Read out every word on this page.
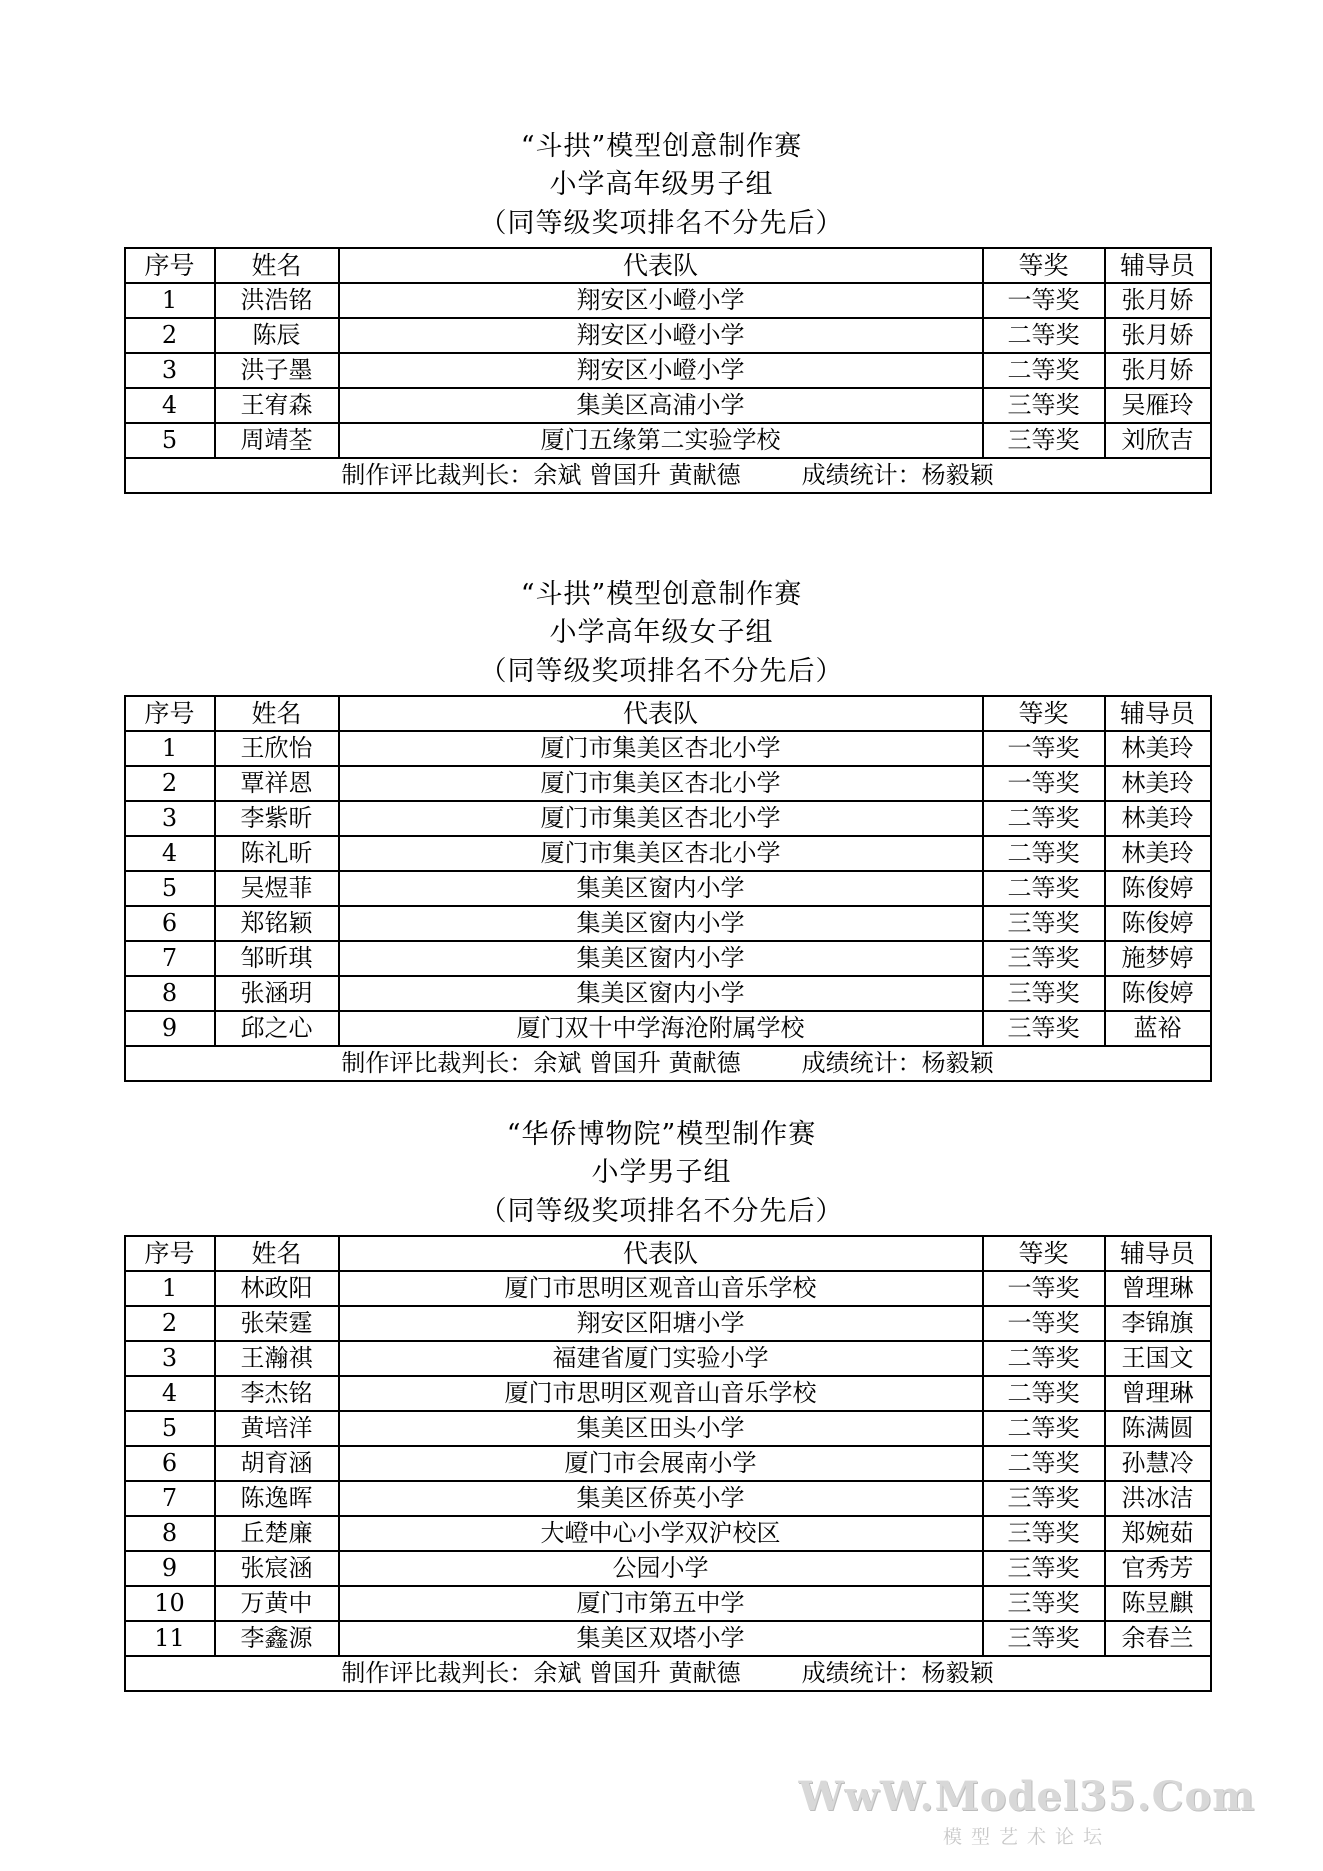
“斗拱”模型创意制作赛
小学高年级男子组
（同等级奖项排名不分先后）
序号	姓名	代表队	等奖	辅导员
1	洪浩铭	翔安区小嶝小学	一等奖	张月娇
2	陈辰	翔安区小嶝小学	二等奖	张月娇
3	洪子墨	翔安区小嶝小学	二等奖	张月娇
4	王宥森	集美区高浦小学	三等奖	吴雁玲
5	周靖荃	厦门五缘第二实验学校	三等奖	刘欣吉

制作评比裁判长：余斌 曾国升 黄献德        成绩统计：杨毅颖				
“斗拱”模型创意制作赛
小学高年级女子组
（同等级奖项排名不分先后）
序号	姓名	代表队	等奖	辅导员
1	王欣怡	厦门市集美区杏北小学	一等奖	林美玲
2	覃祥恩	厦门市集美区杏北小学	一等奖	林美玲
3	李紫昕	厦门市集美区杏北小学	二等奖	林美玲
4	陈礼昕	厦门市集美区杏北小学	二等奖	林美玲
5	吴煜菲	集美区窗内小学	二等奖	陈俊婷
6	郑铭颖	集美区窗内小学	三等奖	陈俊婷
7	邹昕琪	集美区窗内小学	三等奖	施梦婷
8	张涵玥	集美区窗内小学	三等奖	陈俊婷
9	邱之心	厦门双十中学海沧附属学校	三等奖	蓝裕

制作评比裁判长：余斌 曾国升 黄献德        成绩统计：杨毅颖				
“华侨博物院”模型制作赛
小学男子组
（同等级奖项排名不分先后）
序号	姓名	代表队	等奖	辅导员
1	林政阳	厦门市思明区观音山音乐学校	一等奖	曾理琳
2	张荣霆	翔安区阳塘小学	一等奖	李锦旗
3	王瀚祺	福建省厦门实验小学	二等奖	王国文
4	李杰铭	厦门市思明区观音山音乐学校	二等奖	曾理琳
5	黄培洋	集美区田头小学	二等奖	陈满圆
6	胡育涵	厦门市会展南小学	二等奖	孙慧冷
7	陈逸晖	集美区侨英小学	三等奖	洪冰洁
8	丘楚廉	大嶝中心小学双沪校区	三等奖	郑婉茹
9	张宸涵	公园小学	三等奖	官秀芳
10	万黄中	厦门市第五中学	三等奖	陈昱麒
11	李鑫源	集美区双塔小学	三等奖	余春兰

制作评比裁判长：余斌 曾国升 黄献德        成绩统计：杨毅颖				
WwW.Model35.Com
模型艺术论坛
